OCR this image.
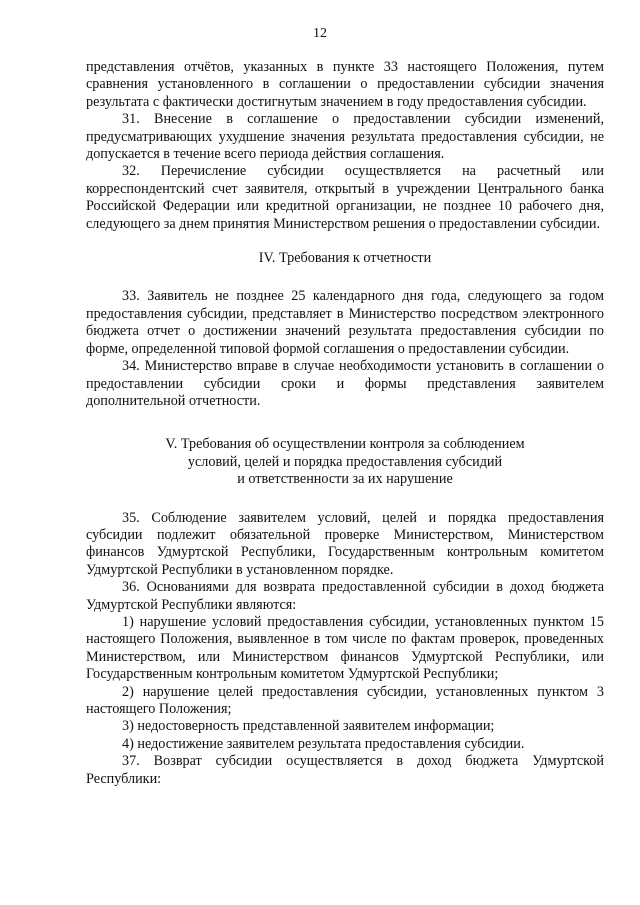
12

представления отчётов, указанных в пункте 33 настоящего Положения, путем сравнения установленного в соглашении о предоставлении субсидии значения результата с фактически достигнутым значением в году предоставления субсидии.

31. Внесение в соглашение о предоставлении субсидии изменений, предусматривающих ухудшение значения результата предоставления субсидии, не допускается в течение всего периода действия соглашения.

32. Перечисление субсидии осуществляется на расчетный или корреспондентский счет заявителя, открытый в учреждении Центрального банка Российской Федерации или кредитной организации, не позднее 10 рабочего дня, следующего за днем принятия Министерством решения о предоставлении субсидии.

IV. Требования к отчетности

33. Заявитель не позднее 25 календарного дня года, следующего за годом предоставления субсидии, представляет в Министерство посредством электронного бюджета отчет о достижении значений результата предоставления субсидии по форме, определенной типовой формой соглашения о предоставлении субсидии.

34. Министерство вправе в случае необходимости установить в соглашении о предоставлении субсидии сроки и формы представления заявителем дополнительной отчетности.

V. Требования об осуществлении контроля за соблюдением
условий, целей и порядка предоставления субсидий
и ответственности за их нарушение

35. Соблюдение заявителем условий, целей и порядка предоставления субсидии подлежит обязательной проверке Министерством, Министерством финансов Удмуртской Республики, Государственным контрольным комитетом Удмуртской Республики в установленном порядке.

36. Основаниями для возврата предоставленной субсидии в доход бюджета Удмуртской Республики являются:

1) нарушение условий предоставления субсидии, установленных пунктом 15 настоящего Положения, выявленное в том числе по фактам проверок, проведенных Министерством, или Министерством финансов Удмуртской Республики, или Государственным контрольным комитетом Удмуртской Республики;

2) нарушение целей предоставления субсидии, установленных пунктом 3 настоящего Положения;

3) недостоверность представленной заявителем информации;

4) недостижение заявителем результата предоставления субсидии.

37. Возврат субсидии осуществляется в доход бюджета Удмуртской Республики:
